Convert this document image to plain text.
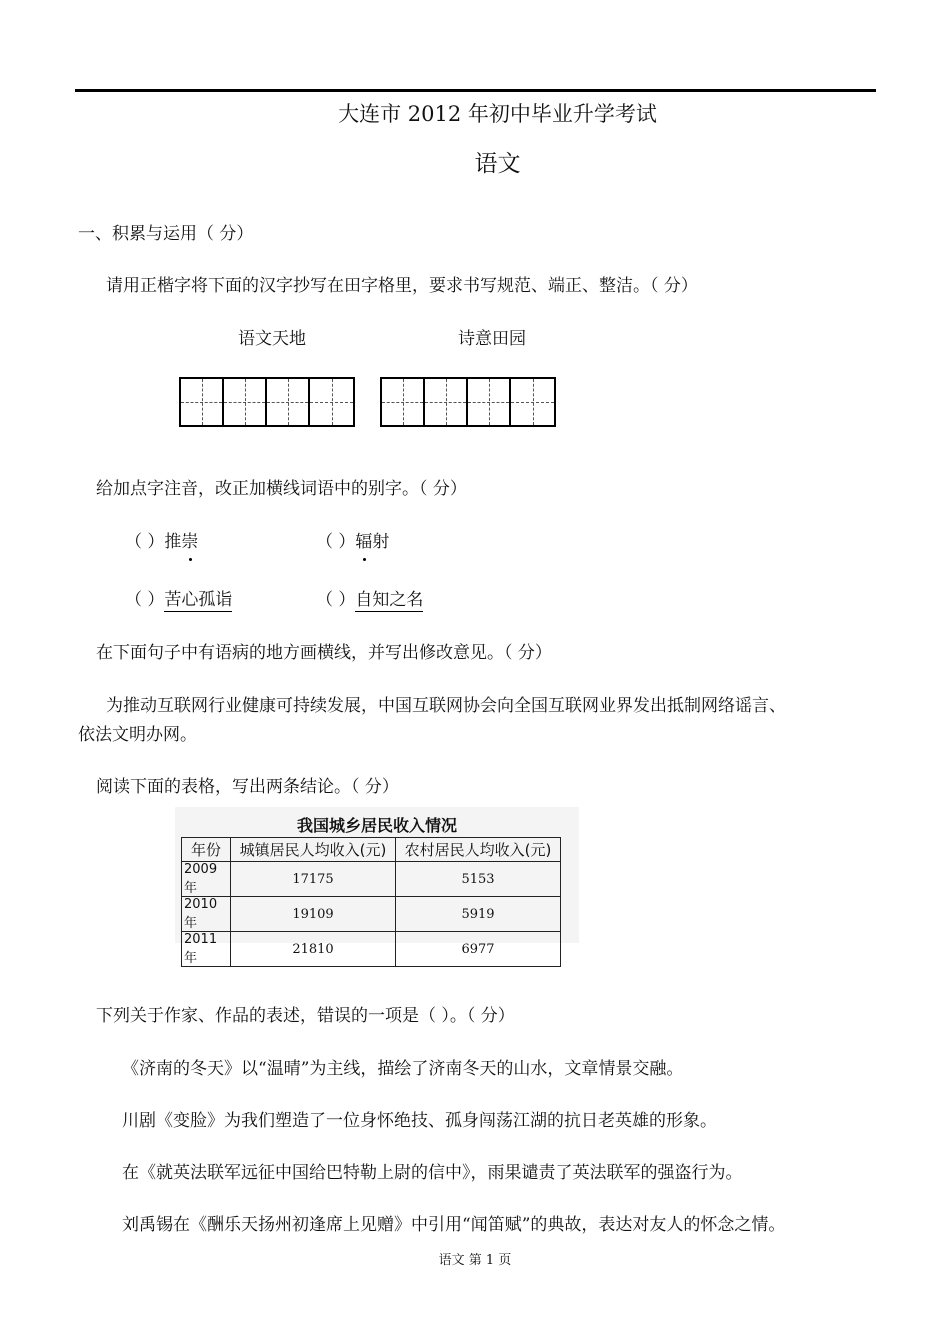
大连市 2012 年初中毕业升学考试
语文
一、积累与运用（ 分）
请用正楷字将下面的汉字抄写在田字格里，要求书写规范、端正、整洁。（ 分）
语文天地	诗意田园
给加点字注音，改正加横线词语中的别字。（ 分）
（ ）推崇	（ ）辐射
（ ）苦心孤诣	（ ）自知之名
在下面句子中有语病的地方画横线，并写出修改意见。（ 分）
为推动互联网行业健康可持续发展，中国互联网协会向全国互联网业界发出抵制网络谣言、
依法文明办网。
阅读下面的表格，写出两条结论。（ 分）
我国城乡居民收入情况
年份	城镇居民人均收入(元)	农村居民人均收入(元)
2009年	17175	5153
2010年	19109	5919
2011年	21810	6977
下列关于作家、作品的表述，错误的一项是（ ）。（ 分）
《济南的冬天》以“温晴”为主线，描绘了济南冬天的山水，文章情景交融。
川剧《变脸》为我们塑造了一位身怀绝技、孤身闯荡江湖的抗日老英雄的形象。
在《就英法联军远征中国给巴特勒上尉的信中》，雨果谴责了英法联军的强盗行为。
刘禹锡在《酬乐天扬州初逢席上见赠》中引用“闻笛赋”的典故，表达对友人的怀念之情。
语文 第 1 页
